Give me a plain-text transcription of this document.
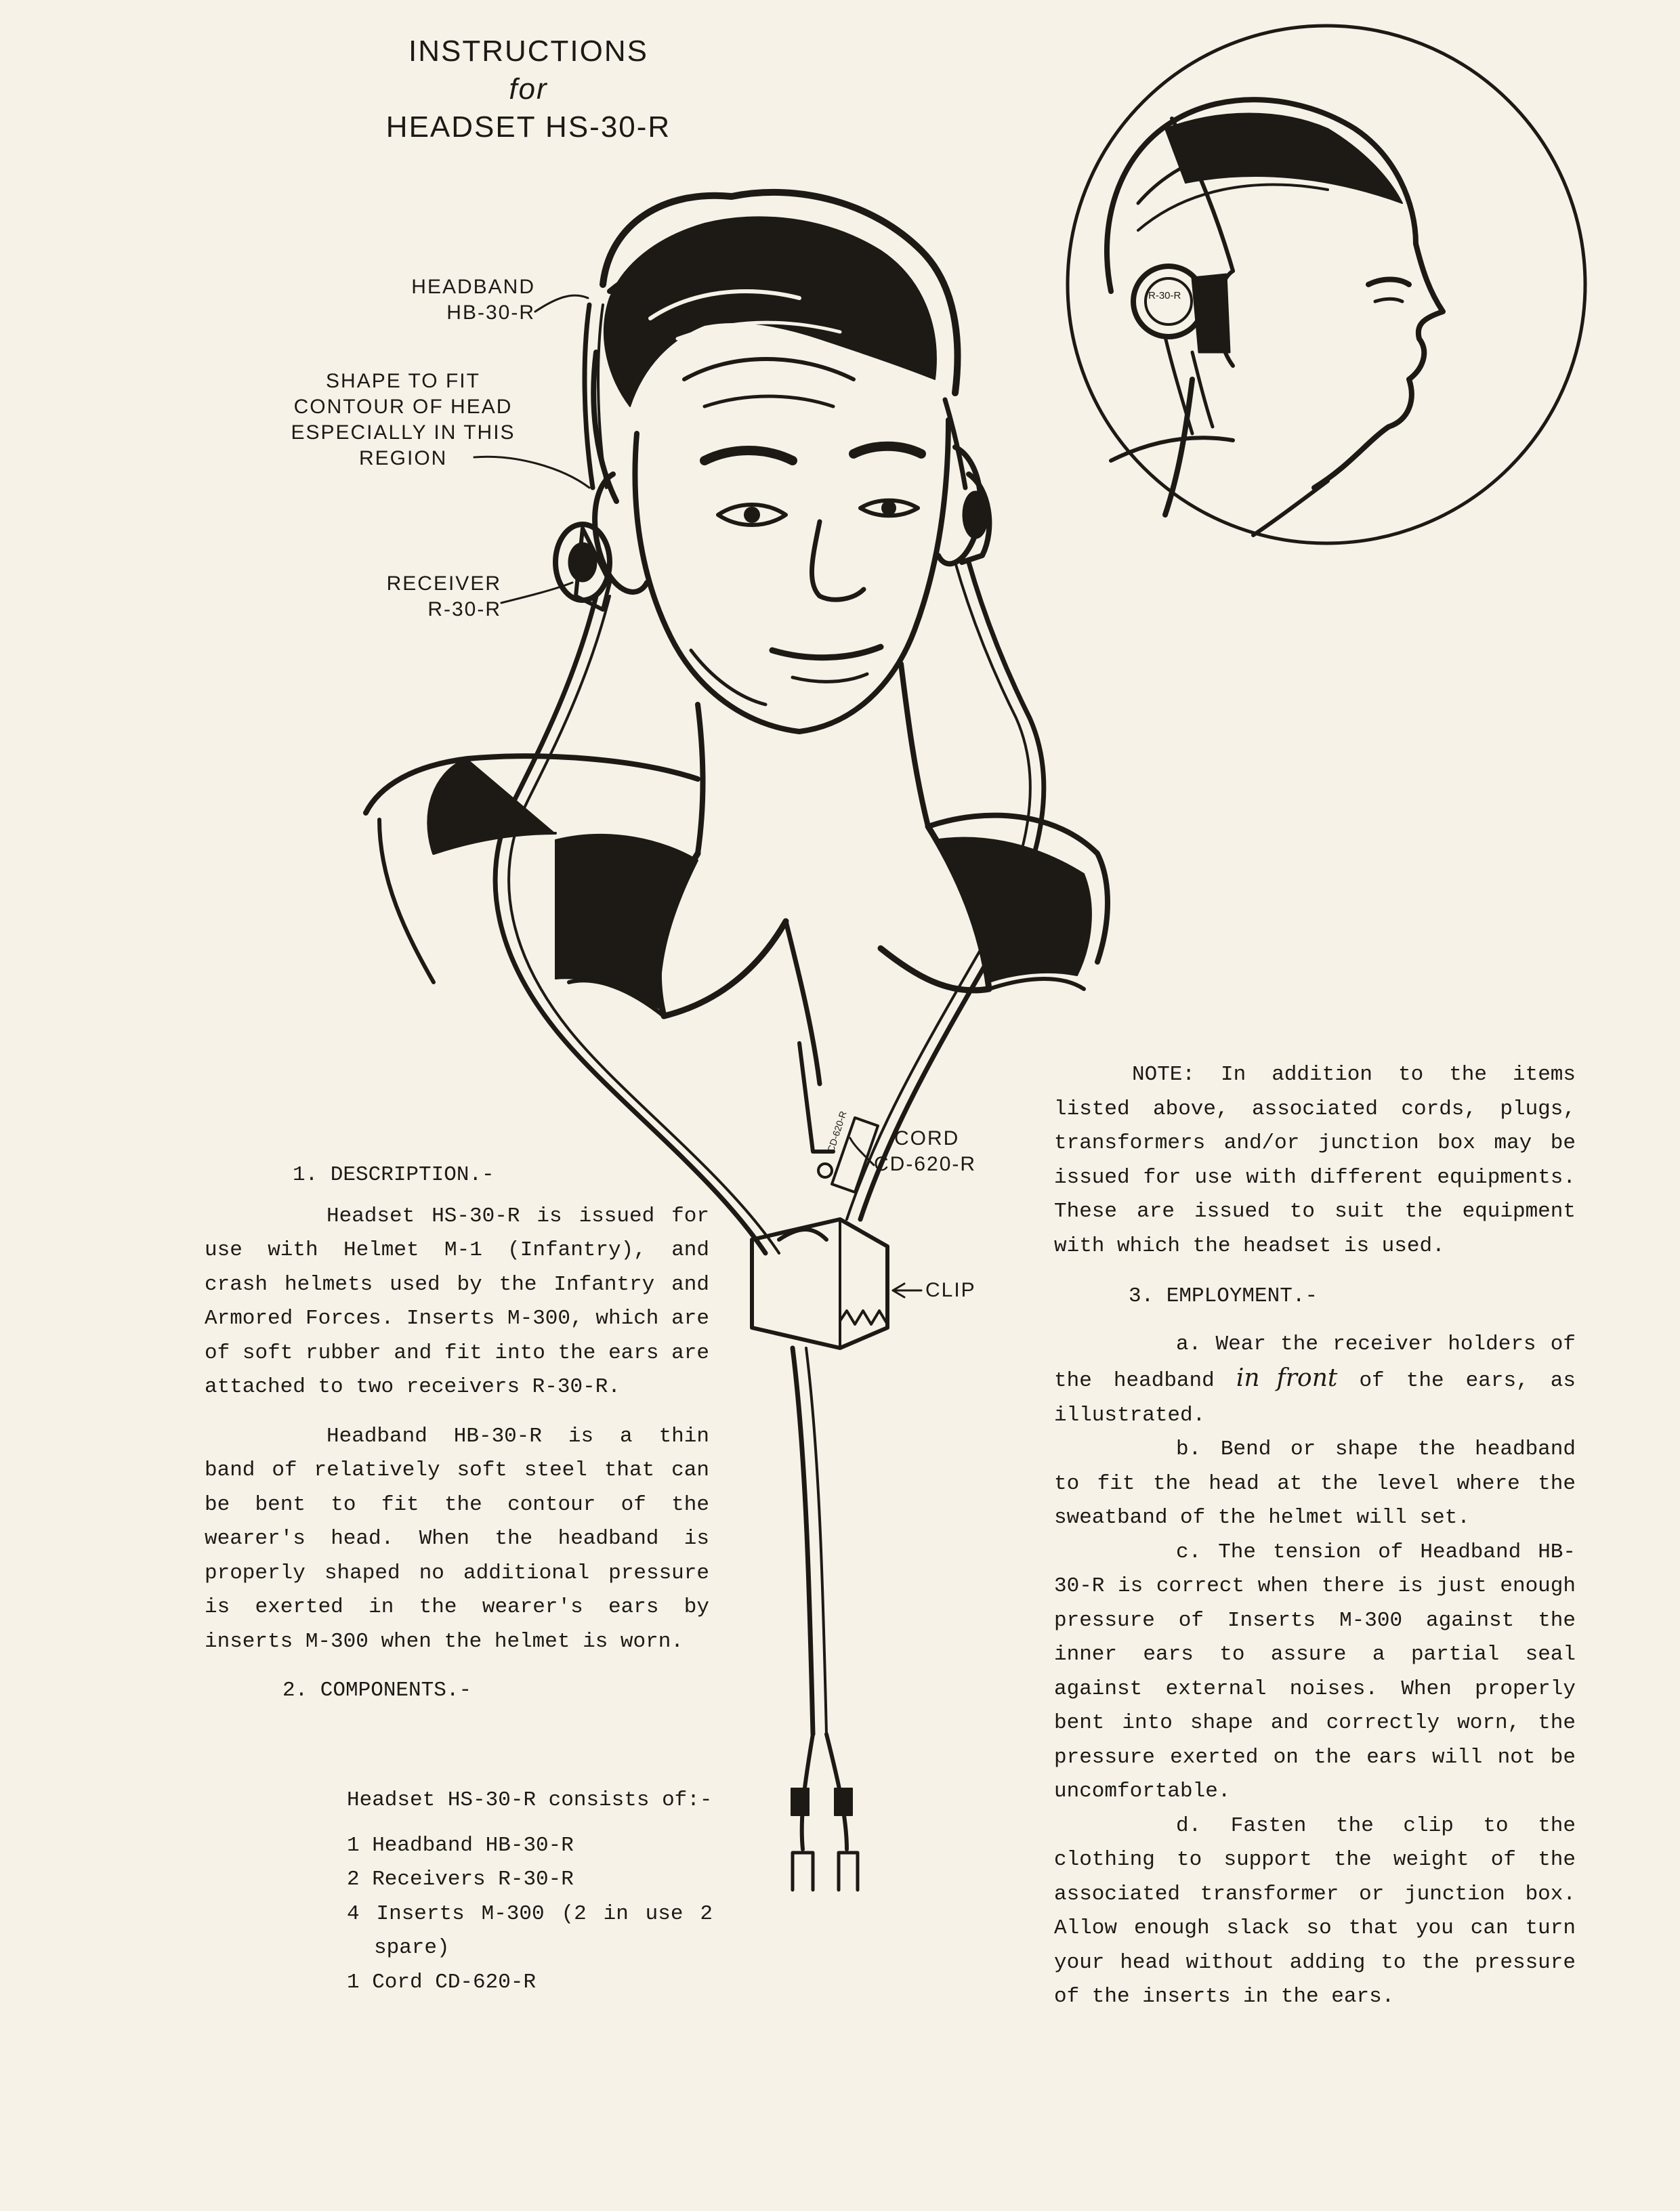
INSTRUCTIONS
for
HEADSET HS-30-R
R-30-R
CD-620-R
HEADBAND
HB-30-R
SHAPE TO FIT
CONTOUR OF HEAD
ESPECIALLY IN THIS
REGION
RECEIVER
R-30-R
CORD
CD-620-R
CLIP

1. DESCRIPTION.-

Headset HS-30-R is issued for use with Helmet M-1 (Infantry), and crash helmets used by the Infantry and Armored Forces. Inserts M-300, which are of soft rubber and fit into the ears are attached to two receivers R-30-R.

Headband HB-30-R is a thin band of relatively soft steel that can be bent to fit the contour of the wearer's head. When the headband is properly shaped no additional pressure is exerted in the wearer's ears by inserts M-300 when the helmet is worn.

2. COMPONENTS.-

Headset HS-30-R consists of:-

1 Headband HB-30-R

2 Receivers R-30-R

4 Inserts M-300 (2 in use 2 spare)

1 Cord CD-620-R

NOTE: In addition to the items listed above, associated cords, plugs, transformers and/or junction box may be issued for use with different equipments. These are issued to suit the equipment with which the headset is used.

3. EMPLOYMENT.-

a. Wear the receiver holders of the headband in front of the ears, as illustrated.

b. Bend or shape the headband to fit the head at the level where the sweatband of the helmet will set.

c. The tension of Headband HB-30-R is correct when there is just enough pressure of Inserts M-300 against the inner ears to assure a partial seal against external noises. When properly bent into shape and correctly worn, the pressure exerted on the ears will not be uncomfortable.

d. Fasten the clip to the clothing to support the weight of the associated transformer or junction box. Allow enough slack so that you can turn your head without adding to the pressure of the inserts in the ears.
